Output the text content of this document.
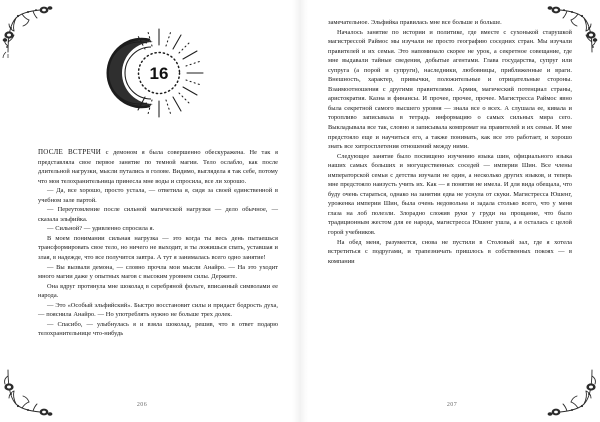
16

ПОСЛЕ ВСТРЕЧИ с демоном я была совершенно обескуражена. Не так я представляла свое первое занятие по темной магии. Тело ослабло, как после длительной нагрузки, мысли путались в голове. Видимо, выглядела я так себе, потому что моя телохранительница принесла мне воды и спросила, все ли хорошо.

— Да, все хорошо, просто устала, — ответила я, сидя за своей единственной в учебном зале партой.

— Переутомление после сильной магической нагрузки — дело обычное, — сказала эльфийка.

— Сильной? — удивленно спросила я.

В моем понимании сильная нагрузка — это когда ты весь день пытаешься трансформировать свое тело, но ничего не выходит, и ты ложишься спать, уставшая и злая, в надежде, что все получится завтра. А тут я занималась всего одно занятие!

— Вы вызвали демона, — словно прочла мои мысли Анайро. — На это уходит много магии даже у опытных магов с высоким уровнем силы. Держите.

Она вдруг протянула мне шоколад в серебряной фольге, вписанный символами ее народа.

— Это «Особый эльфийский». Быстро восстановит силы и придаст бодрость духа, — пояснила Анайро. — Но употреблять нужно не больше трех долек.

— Спасибо, — улыбнулась я и взяла шоколад, решив, что в ответ подарю телохранительнице что-нибудь

206

замечательное. Эльфийка правилась мне все больше и больше.

Началось занятие по истории и политике, где вместе с сухонькой старушкой магистрессой Раймос мы изучали не просто географию соседних стран. Мы изучали правителей и их семьи. Это напоминало скорее не урок, а секретное совещание, где мне выдавали тайные сведения, добытые агентами. Глава государства, супруг или супруга (а порой и супруги), наследники, любовницы, приближенные и враги. Внешность, характер, привычки, положительные и отрицательные стороны. Взаимоотношения с другими правителями. Армия, магический потенциал страны, аристократия. Казна и финансы. И прочее, прочее, прочее. Магистресса Раймос явно была секретной самого высшего уровня — знала все о всех. А слушала ее, кивала и торопливо записывала в тетрадь информацию о самых сильных мира сего. Выкладывала все так, словно я записывала компромат на правителей и их семьи. И мне предстояло еще и научиться его, а также понимать, как все это работает, и хорошо знать все хитросплетения отношений между ними.

Следующее занятие было посвящено изучению языка шин, официального языка наших самых больших и могущественных соседей — империи Шин. Все члены императорской семьи с детства изучали не один, а несколько других языков, и теперь мне предстояло наизусть учить их. Как — я понятия не имела. И для вида обещала, что буду очень стараться, однако на занятии едва не уснула от скуки. Магистресса Юшенг, уроженка империи Шин, была очень недовольна и задала столько всего, что у меня глаза на лоб полезли. Злорадно сложив руки у груди на прощание, что было традиционным жестом для ее народа, магистресса Юшенг ушла, а я осталась с целой горой учебников.

На обед меня, разумеется, снова не пустили в Столовый зал, где я хотела встретиться с подругами, и трапезничать пришлось в собственных покоях — в компании

207
